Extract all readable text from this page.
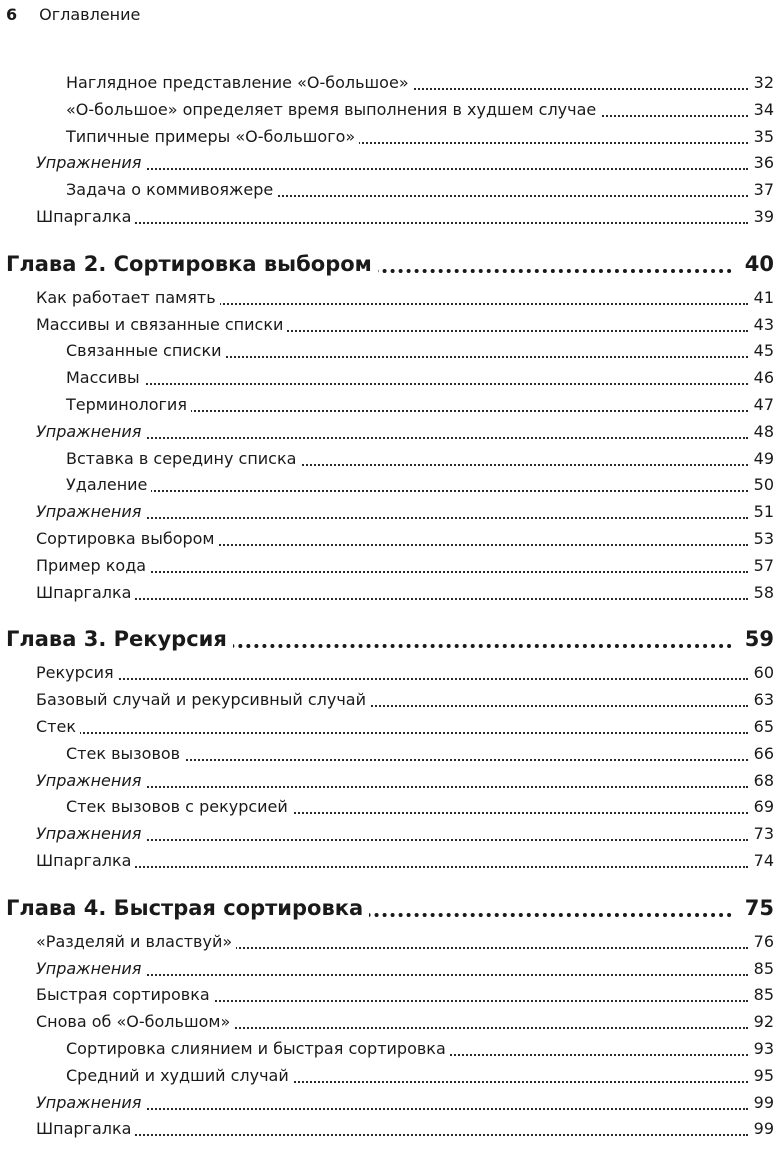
6 Оглавление
Наглядное представление «О-большое»	32
«О-большое» определяет время выполнения в худшем случае	34
Типичные примеры «О-большого»	35
Упражнения	36
Задача о коммивояжере	37
Шпаргалка	39
Глава 2. Сортировка выбором	40
Как работает память	41
Массивы и связанные списки	43
Связанные списки	45
Массивы	46
Терминология	47
Упражнения	48
Вставка в середину списка	49
Удаление	50
Упражнения	51
Сортировка выбором	53
Пример кода	57
Шпаргалка	58
Глава 3. Рекурсия	59
Рекурсия	60
Базовый случай и рекурсивный случай	63
Стек	65
Стек вызовов	66
Упражнения	68
Стек вызовов с рекурсией	69
Упражнения	73
Шпаргалка	74
Глава 4. Быстрая сортировка	75
«Разделяй и властвуй»	76
Упражнения	85
Быстрая сортировка	85
Снова об «О-большом»	92
Сортировка слиянием и быстрая сортировка	93
Средний и худший случай	95
Упражнения	99
Шпаргалка	99
